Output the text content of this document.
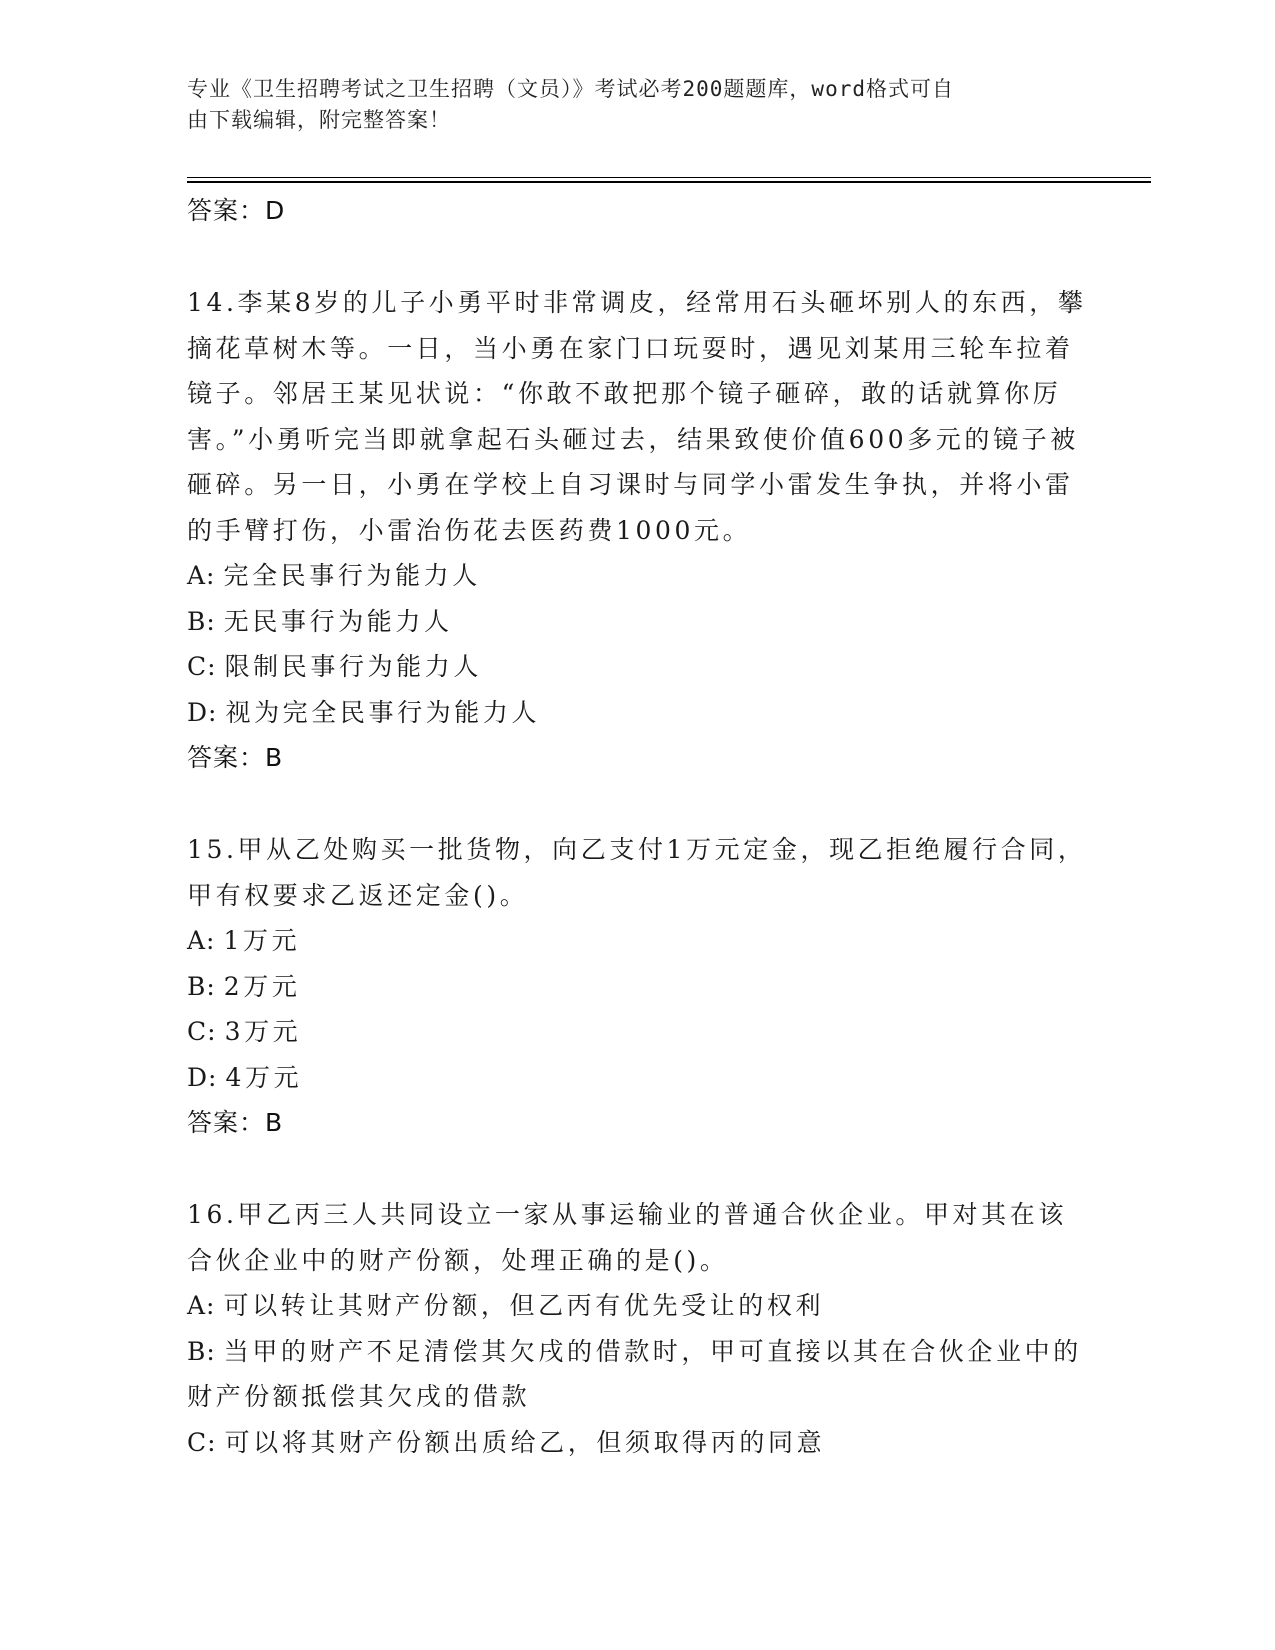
专业《卫生招聘考试之卫生招聘（文员）》考试必考200题题库，word格式可自
由下载编辑，附完整答案！
答案：D

14.李某8岁的儿子小勇平时非常调皮，经常用石头砸坏别人的东西，攀摘花草树木等。一日，当小勇在家门口玩耍时，遇见刘某用三轮车拉着镜子。邻居王某见状说：“你敢不敢把那个镜子砸碎，敢的话就算你厉害。”小勇听完当即就拿起石头砸过去，结果致使价值600多元的镜子被砸碎。另一日，小勇在学校上自习课时与同学小雷发生争执，并将小雷的手臂打伤，小雷治伤花去医药费1000元。

A: 完全民事行为能力人
B: 无民事行为能力人
C: 限制民事行为能力人
D: 视为完全民事行为能力人
答案：B

15.甲从乙处购买一批货物，向乙支付1万元定金，现乙拒绝履行合同，甲有权要求乙返还定金()。

A: 1万元
B: 2万元
C: 3万元
D: 4万元
答案：B

16.甲乙丙三人共同设立一家从事运输业的普通合伙企业。甲对其在该合伙企业中的财产份额，处理正确的是()。

A: 可以转让其财产份额，但乙丙有优先受让的权利
B: 当甲的财产不足清偿其欠戌的借款时，甲可直接以其在合伙企业中的财产份额抵偿其欠戌的借款
C: 可以将其财产份额出质给乙，但须取得丙的同意
